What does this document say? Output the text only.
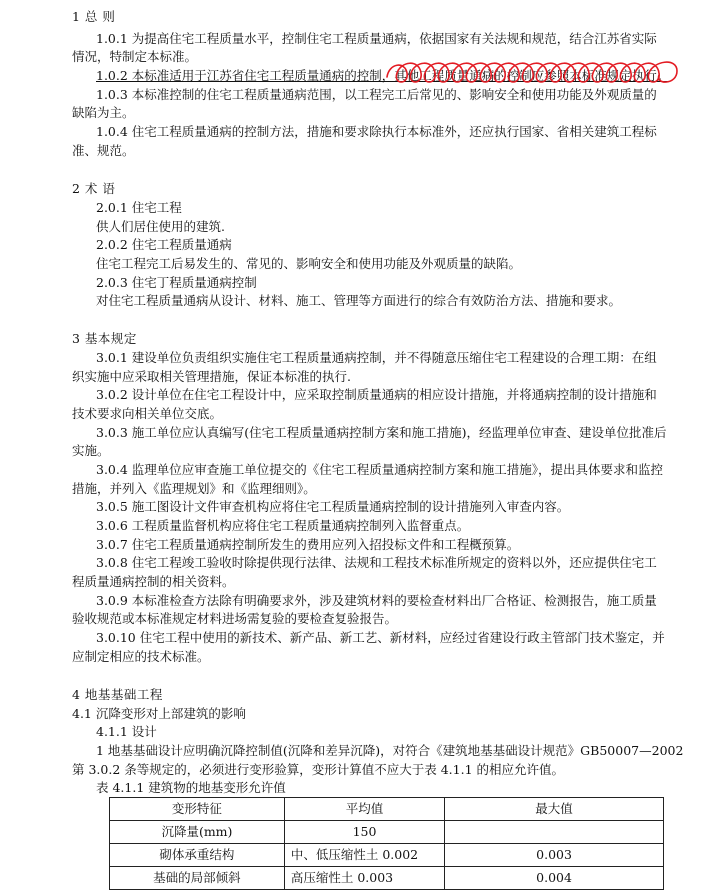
1 总 则
1.0.1 为提高住宅工程质量水平，控制住宅工程质量通病，依据国家有关法规和规范，结合江苏省实际
情况，特制定本标准。
1.0.2 本标准适用于江苏省住宅工程质量通病的控制，其他工程质量通病的控制应参照本标准规定执行。
1.0.3 本标准控制的住宅工程质量通病范围，以工程完工后常见的、影响安全和使用功能及外观质量的
缺陷为主。
1.0.4 住宅工程质量通病的控制方法，措施和要求除执行本标准外，还应执行国家、省相关建筑工程标
准、规范。
2 术 语
2.0.1 住宅工程
供人们居住使用的建筑.
2.0.2 住宅工程质量通病
住宅工程完工后易发生的、常见的、影响安全和使用功能及外观质量的缺陷。
2.0.3 住宅丁程质量通病控制
对住宅工程质量通病从设计、材料、施工、管理等方面进行的综合有效防治方法、措施和要求。
3 基本规定
3.0.1 建设单位负责组织实施住宅工程质量通病控制，并不得随意压缩住宅工程建设的合理工期：在组
织实施中应采取相关管理措施，保证本标准的执行.
3.0.2 设计单位在住宅工程设计中，应采取控制质量通病的相应设计措施，并将通病控制的设计措施和
技术要求向相关单位交底。
3.0.3 施工单位应认真编写(住宅工程质量通病控制方案和施工措施)，经监理单位审查、建设单位批准后
实施。
3.0.4 监理单位应审查施工单位提交的《住宅工程质量通病控制方案和施工措施》，提出具体要求和监控
措施，并列入《监理规划》和《监理细则》。
3.0.5 施工图设计文件审查机构应将住宅工程质量通病控制的设计措施列入审查内容。
3.0.6 工程质量监督机构应将住宅工程质量通病控制列入监督重点。
3.0.7 住宅工程质量通病控制所发生的费用应列入招投标文件和工程概预算。
3.0.8 住宅工程竣工验收时除提供现行法律、法规和工程技术标准所规定的资料以外，还应提供住宅工
程质量通病控制的相关资料。
3.0.9 本标准检查方法除有明确要求外，涉及建筑材料的要检查材料出厂合格证、检测报告，施工质量
验收规范或本标准规定材料进场需复验的要检查复验报告。
3.0.10 住宅工程中使用的新技术、新产品、新工艺、新材料，应经过省建设行政主管部门技术鉴定，并
应制定相应的技术标准。
4 地基基础工程
4.1 沉降变形对上部建筑的影响
4.1.1 设计
1 地基基础设计应明确沉降控制值(沉降和差异沉降)，对符合《建筑地基基础设计规范》GB50007—2002
第 3.0.2 条等规定的，必须进行变形验算，变形计算值不应大于表 4.1.1 的相应允许值。
表 4.1.1 建筑物的地基变形允许值
变形特征	平均值	最大值
沉降量(mm)	150	
砌体承重结构	中、低压缩性土 0.002	0.003
基础的局部倾斜	高压缩性土 0.003	0.004
